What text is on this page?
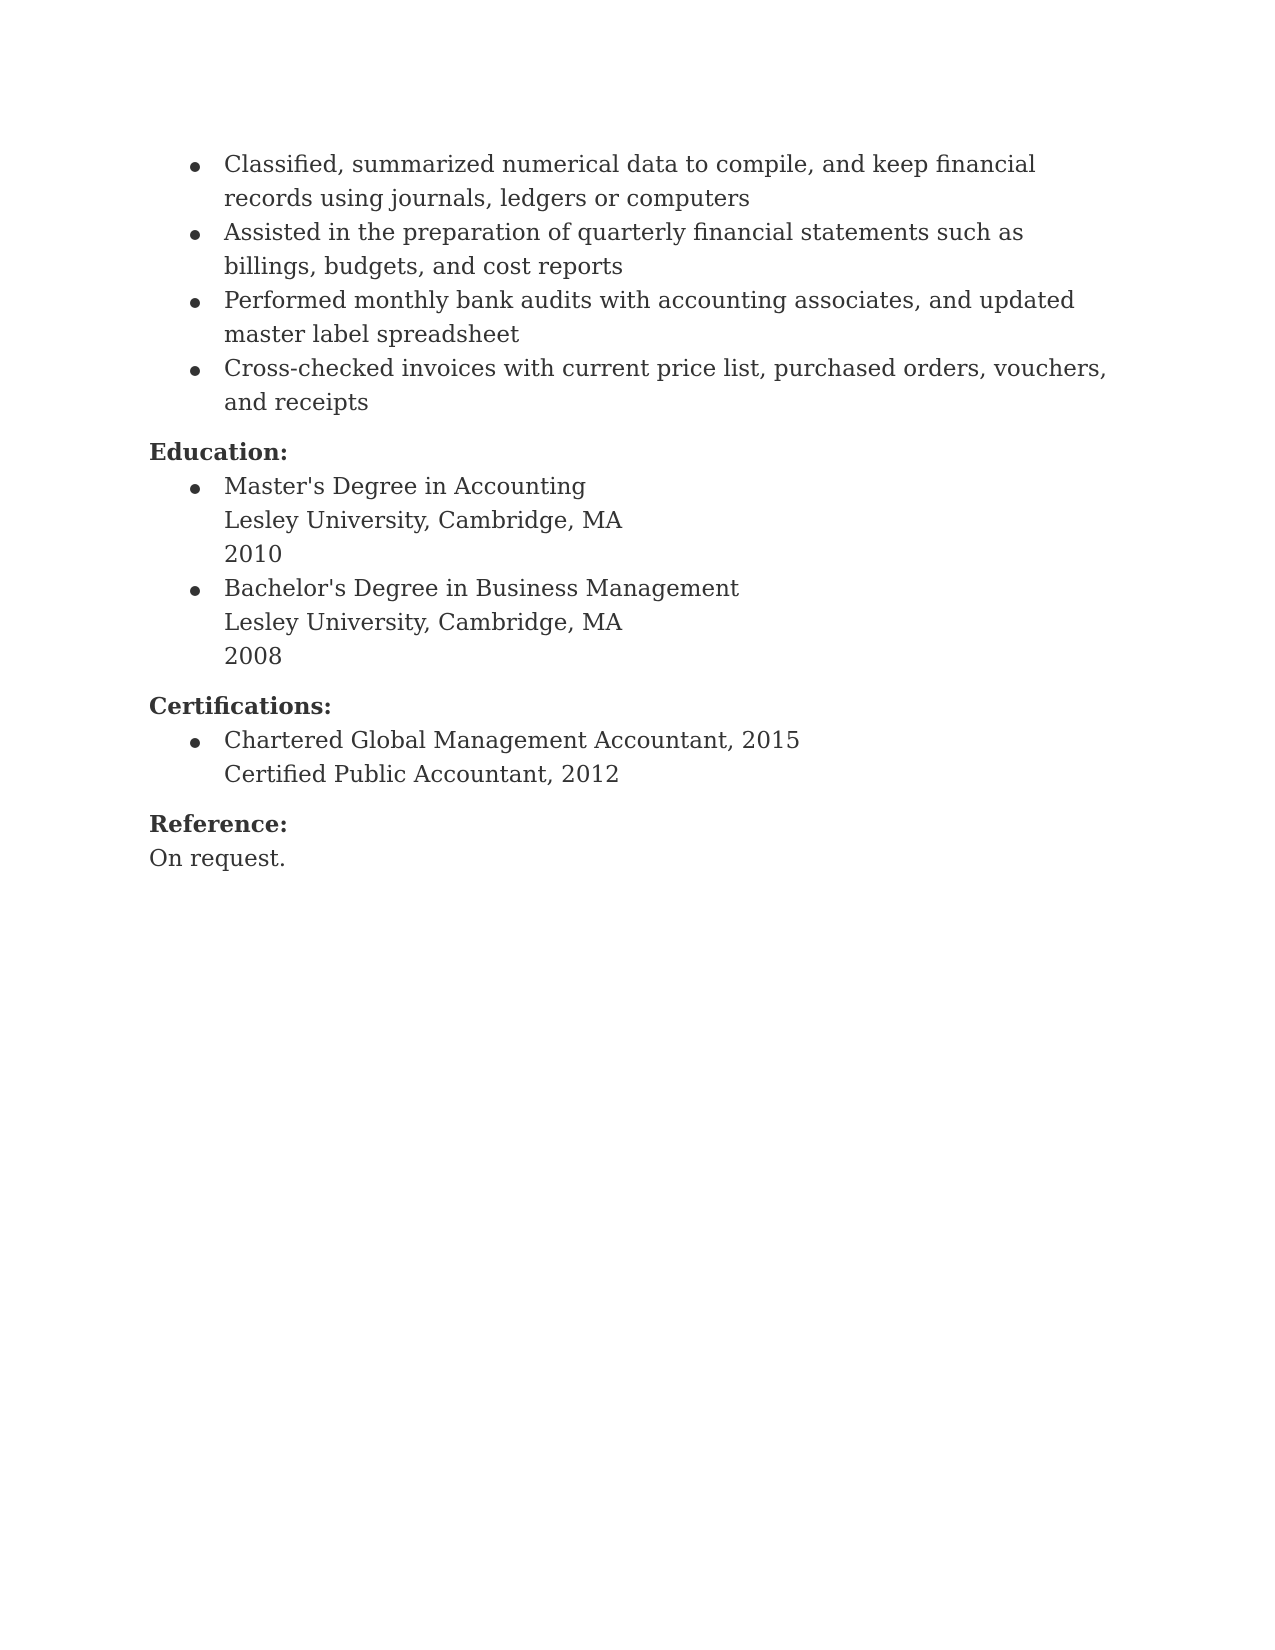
Classified, summarized numerical data to compile, and keep financial records using journals, ledgers or computers
Assisted in the preparation of quarterly financial statements such as billings, budgets, and cost reports
Performed monthly bank audits with accounting associates, and updated master label spreadsheet
Cross-checked invoices with current price list, purchased orders, vouchers, and receipts
Education:
Master's Degree in Accounting
Lesley University, Cambridge, MA
2010
Bachelor's Degree in Business Management
Lesley University, Cambridge, MA
2008
Certifications:
Chartered Global Management Accountant, 2015
Certified Public Accountant, 2012
Reference:
On request.
